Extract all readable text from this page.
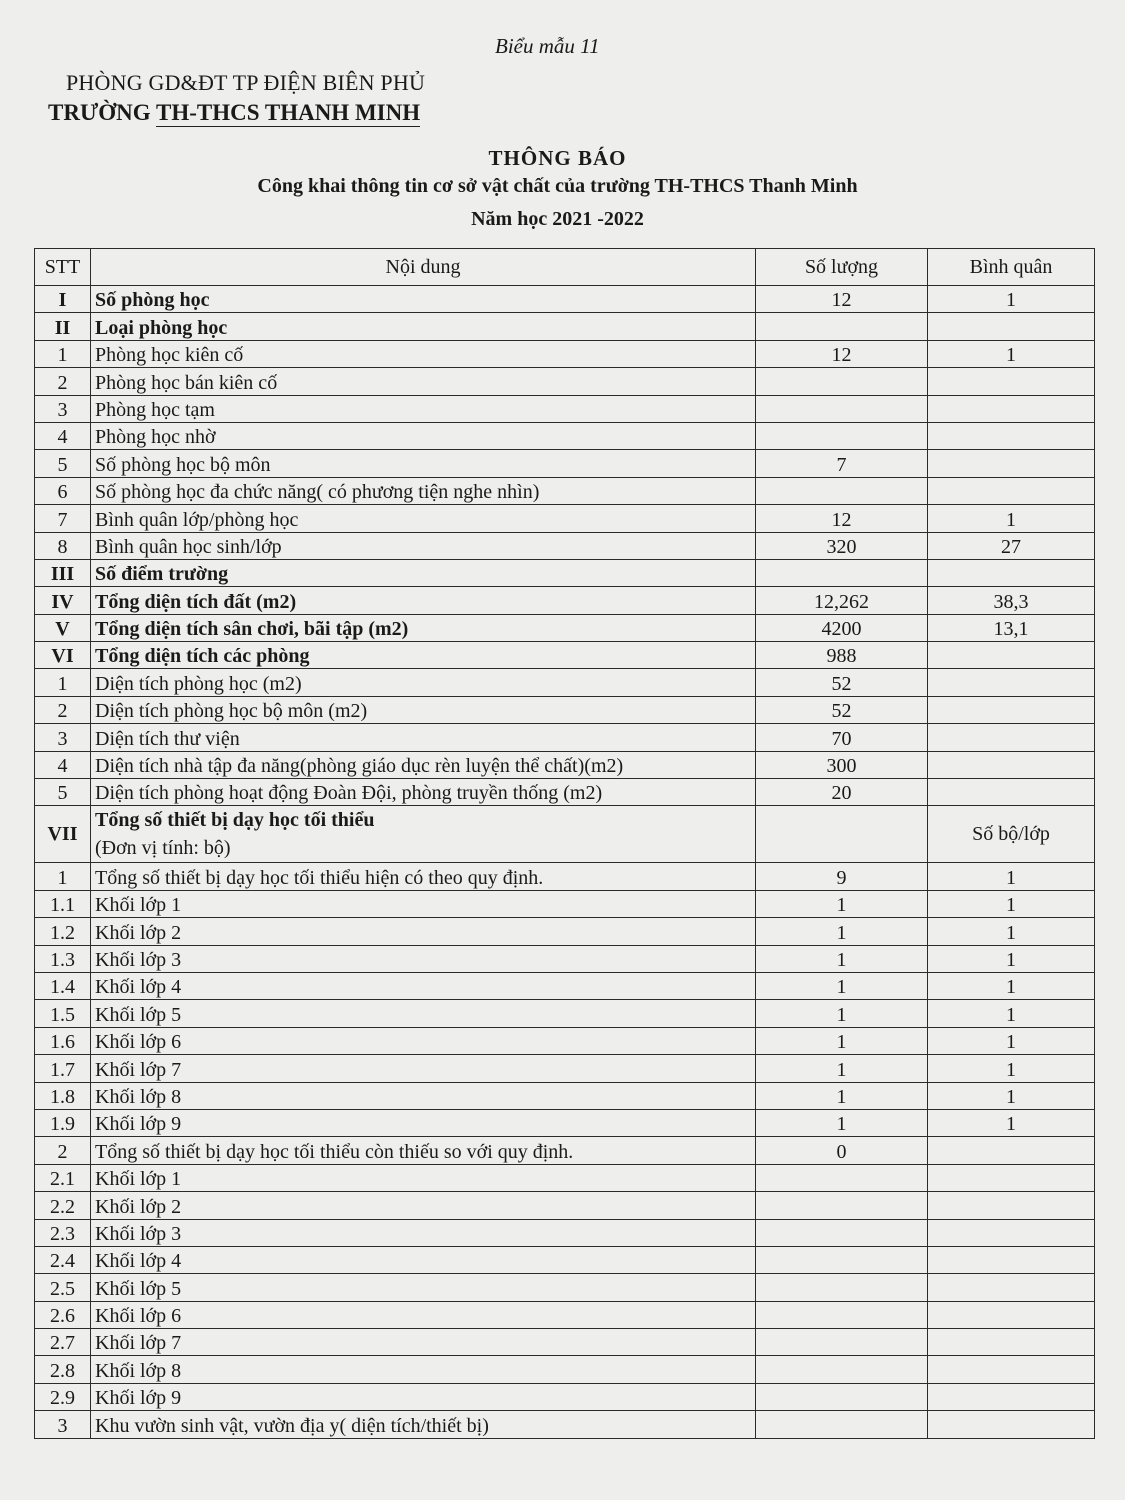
Biểu mẫu 11
PHÒNG GD&ĐT TP ĐIỆN BIÊN PHỦ
TRƯỜNG TH-THCS THANH MINH
THÔNG BÁO
Công khai thông tin cơ sở vật chất của trường TH-THCS Thanh Minh
Năm học 2021 -2022
STT	Nội dung	Số lượng	Bình quân
I	Số phòng học	12	1
II	Loại phòng học		
1	Phòng học kiên cố	12	1
2	Phòng học bán kiên cố		
3	Phòng học tạm		
4	Phòng học nhờ		
5	Số phòng học bộ môn	7	
6	Số phòng học đa chức năng( có phương tiện nghe nhìn)		
7	Bình quân lớp/phòng học	12	1
8	Bình quân học sinh/lớp	320	27
III	Số điểm trường		
IV	Tổng diện tích đất (m2)	12,262	38,3
V	Tổng diện tích sân chơi, bãi tập (m2)	4200	13,1
VI	Tổng diện tích các phòng	988	
1	Diện tích phòng học (m2)	52	
2	Diện tích phòng học bộ môn (m2)	52	
3	Diện tích thư viện	70	
4	Diện tích nhà tập đa năng(phòng giáo dục rèn luyện thể chất)(m2)	300	
5	Diện tích phòng hoạt động Đoàn Đội, phòng truyền thống (m2)	20	
VII	Tổng số thiết bị dạy học tối thiểu
(Đơn vị tính: bộ)		Số bộ/lớp
1	Tổng số thiết bị dạy học tối thiểu hiện có theo quy định.	9	1
1.1	Khối lớp 1	1	1
1.2	Khối lớp 2	1	1
1.3	Khối lớp 3	1	1
1.4	Khối lớp 4	1	1
1.5	Khối lớp 5	1	1
1.6	Khối lớp 6	1	1
1.7	Khối lớp 7	1	1
1.8	Khối lớp 8	1	1
1.9	Khối lớp 9	1	1
2	Tổng số thiết bị dạy học tối thiểu còn thiếu so với quy định.	0	
2.1	Khối lớp 1		
2.2	Khối lớp 2		
2.3	Khối lớp 3		
2.4	Khối lớp 4		
2.5	Khối lớp 5		
2.6	Khối lớp 6		
2.7	Khối lớp 7		
2.8	Khối lớp 8		
2.9	Khối lớp 9		
3	Khu vườn sinh vật, vườn địa y( diện tích/thiết bị)		
